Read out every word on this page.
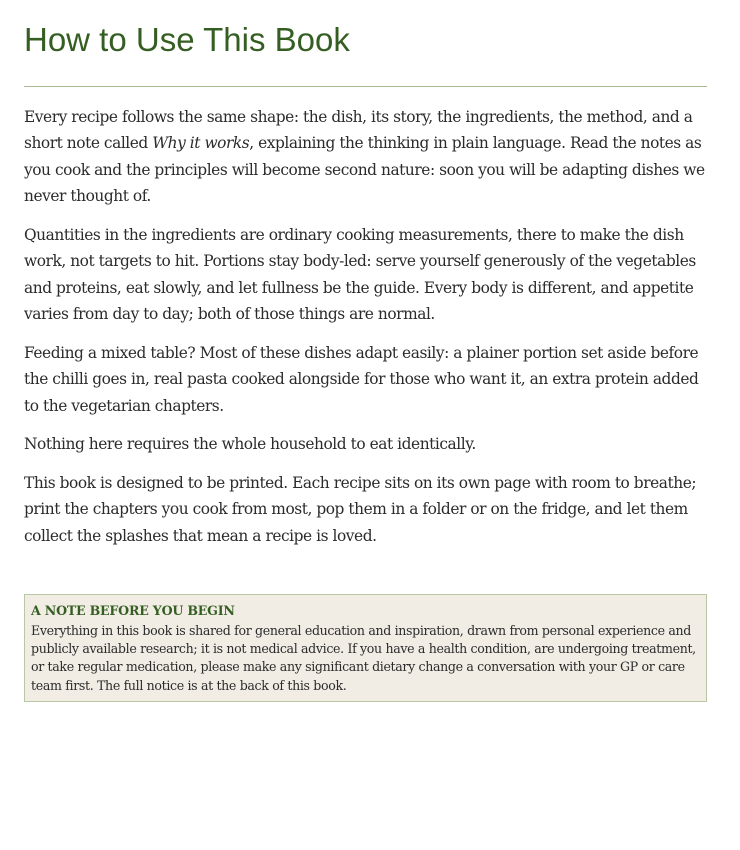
How to Use This Book

Every recipe follows the same shape: the dish, its story, the ingredients, the method, and a short note called Why it works, explaining the thinking in plain language. Read the notes as you cook and the principles will become second nature: soon you will be adapting dishes we never thought of.

Quantities in the ingredients are ordinary cooking measurements, there to make the dish work, not targets to hit. Portions stay body-led: serve yourself generously of the vegetables and proteins, eat slowly, and let fullness be the guide. Every body is different, and appetite varies from day to day; both of those things are normal.

Feeding a mixed table? Most of these dishes adapt easily: a plainer portion set aside before the chilli goes in, real pasta cooked alongside for those who want it, an extra protein added to the vegetarian chapters.

Nothing here requires the whole household to eat identically.

This book is designed to be printed. Each recipe sits on its own page with room to breathe; print the chapters you cook from most, pop them in a folder or on the fridge, and let them collect the splashes that mean a recipe is loved.

A NOTE BEFORE YOU BEGIN

Everything in this book is shared for general education and inspiration, drawn from personal experience and publicly available research; it is not medical advice. If you have a health condition, are undergoing treatment, or take regular medication, please make any significant dietary change a conversation with your GP or care team first. The full notice is at the back of this book.
